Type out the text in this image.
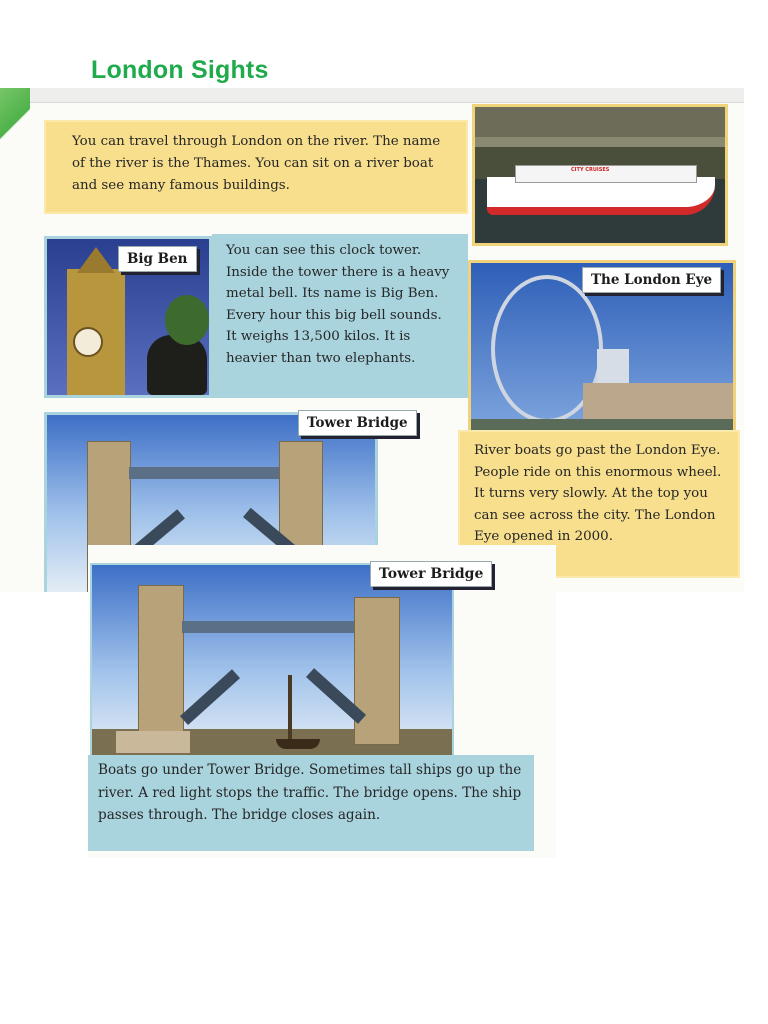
London Sights

You can travel through London on the river. The name of the river is the Thames. You can sit on a river boat and see many famous buildings.

CITY CRUISES
Big Ben

You can see this clock tower. Inside the tower there is a heavy metal bell. Its name is Big Ben. Every hour this big bell sounds. It weighs 13,500 kilos. It is heavier than two elephants.

The London Eye

River boats go past the London Eye. People ride on this enormous wheel. It turns very slowly. At the top you can see across the city. The London Eye opened in 2000.

Tower Bridge
Tower Bridge

Boats go under Tower Bridge. Sometimes tall ships go up the river. A red light stops the traffic. The bridge opens. The ship passes through. The bridge closes again.
